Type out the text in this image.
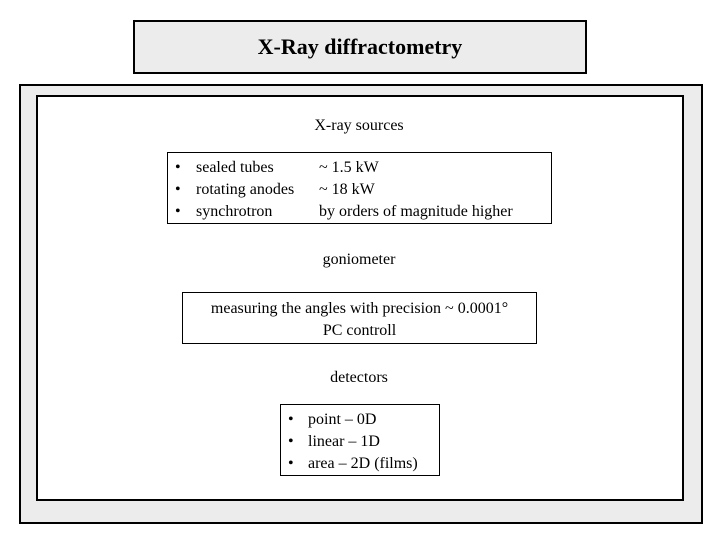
X-Ray diffractometry
X-ray sources
• sealed tubes	~ 1.5 kW
• rotating anodes ~ 18 kW
• synchrotron	by orders of magnitude higher
goniometer
measuring the angles with precision ~ 0.0001°
PC controll
detectors
• point – 0D
• linear – 1D
• area – 2D (films)
